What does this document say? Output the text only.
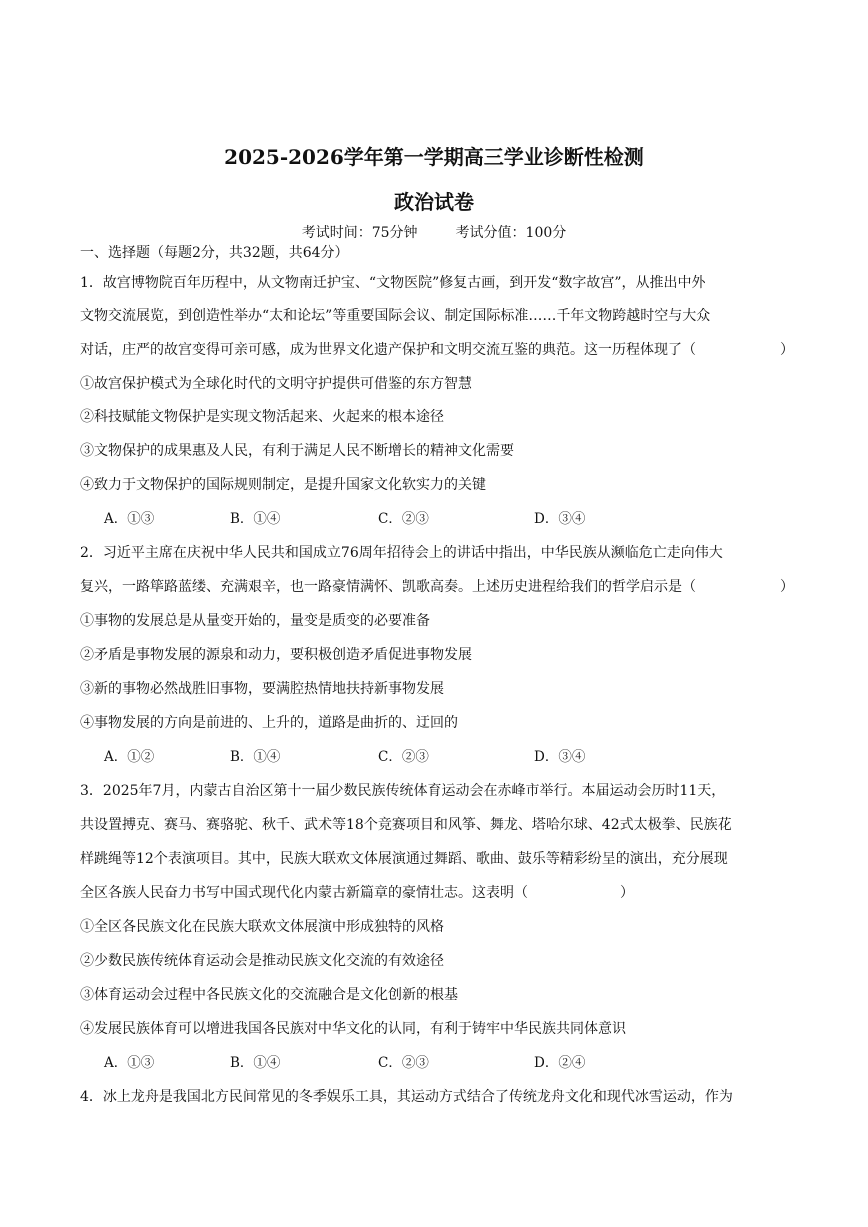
2025-2026学年第一学期高三学业诊断性检测
政治试卷
考试时间：75分钟	考试分值：100分
一、选择题（每题2分，共32题，共64分）
1．故宫博物院百年历程中，从文物南迁护宝、“文物医院”修复古画，到开发“数字故宫”，从推出中外
文物交流展览，到创造性举办“太和论坛”等重要国际会议、制定国际标准……千年文物跨越时空与大众
对话，庄严的故宫变得可亲可感，成为世界文化遗产保护和文明交流互鉴的典范。这一历程体现了（	）
①故宫保护模式为全球化时代的文明守护提供可借鉴的东方智慧
②科技赋能文物保护是实现文物活起来、火起来的根本途径
③文物保护的成果惠及人民，有利于满足人民不断增长的精神文化需要
④致力于文物保护的国际规则制定，是提升国家文化软实力的关键
A．①③	B．①④	C．②③	D．③④
2．习近平主席在庆祝中华人民共和国成立76周年招待会上的讲话中指出，中华民族从濒临危亡走向伟大
复兴，一路筚路蓝缕、充满艰辛，也一路豪情满怀、凯歌高奏。上述历史进程给我们的哲学启示是（	）
①事物的发展总是从量变开始的，量变是质变的必要准备
②矛盾是事物发展的源泉和动力，要积极创造矛盾促进事物发展
③新的事物必然战胜旧事物，要满腔热情地扶持新事物发展
④事物发展的方向是前进的、上升的，道路是曲折的、迂回的
A．①②	B．①④	C．②③	D．③④
3．2025年7月，内蒙古自治区第十一届少数民族传统体育运动会在赤峰市举行。本届运动会历时11天，
共设置搏克、赛马、赛骆驼、秋千、武术等18个竞赛项目和风筝、舞龙、塔哈尔球、42式太极拳、民族花
样跳绳等12个表演项目。其中，民族大联欢文体展演通过舞蹈、歌曲、鼓乐等精彩纷呈的演出，充分展现
全区各族人民奋力书写中国式现代化内蒙古新篇章的豪情壮志。这表明（	）
①全区各民族文化在民族大联欢文体展演中形成独特的风格
②少数民族传统体育运动会是推动民族文化交流的有效途径
③体育运动会过程中各民族文化的交流融合是文化创新的根基
④发展民族体育可以增进我国各民族对中华文化的认同，有利于铸牢中华民族共同体意识
A．①③	B．①④	C．②③	D．②④
4．冰上龙舟是我国北方民间常见的冬季娱乐工具，其运动方式结合了传统龙舟文化和现代冰雪运动，作为
